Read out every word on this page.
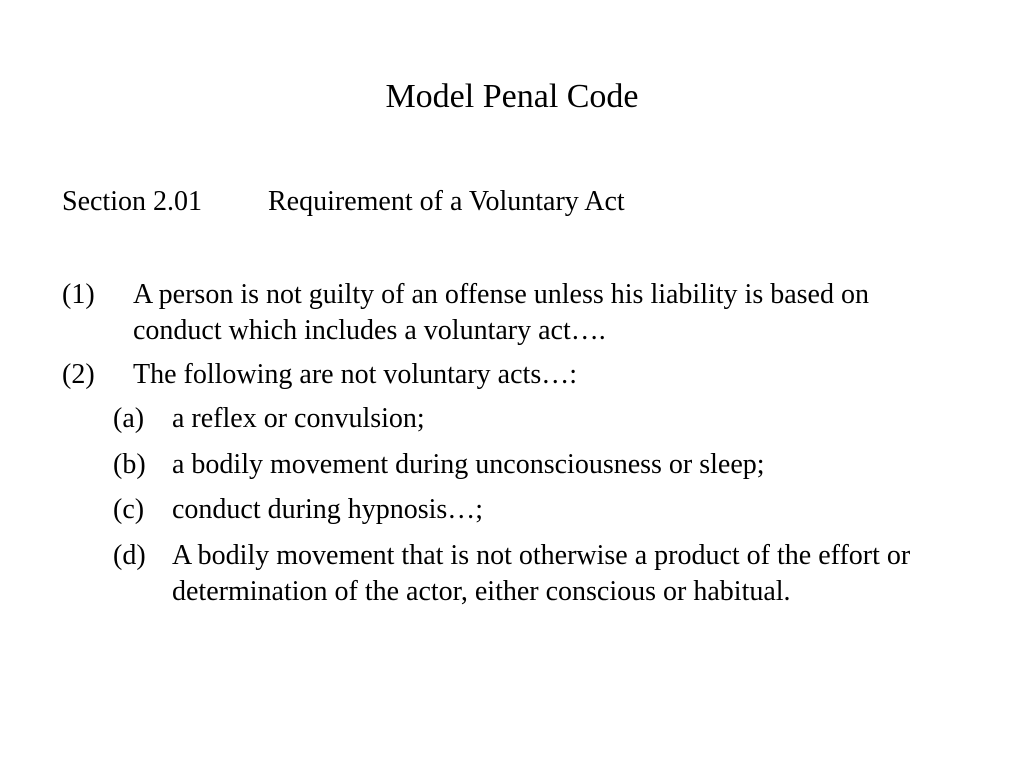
Model Penal Code
Section 2.01 Requirement of a Voluntary Act
(1)	A person is not guilty of an offense unless his liability is based on conduct which includes a voluntary act….
(2)	The following are not voluntary acts…:
(a) a reflex or convulsion;
(b) a bodily movement during unconsciousness or sleep;
(c) conduct during hypnosis…;
(d) A bodily movement that is not otherwise a product of the effort or determination of the actor, either conscious or habitual.
